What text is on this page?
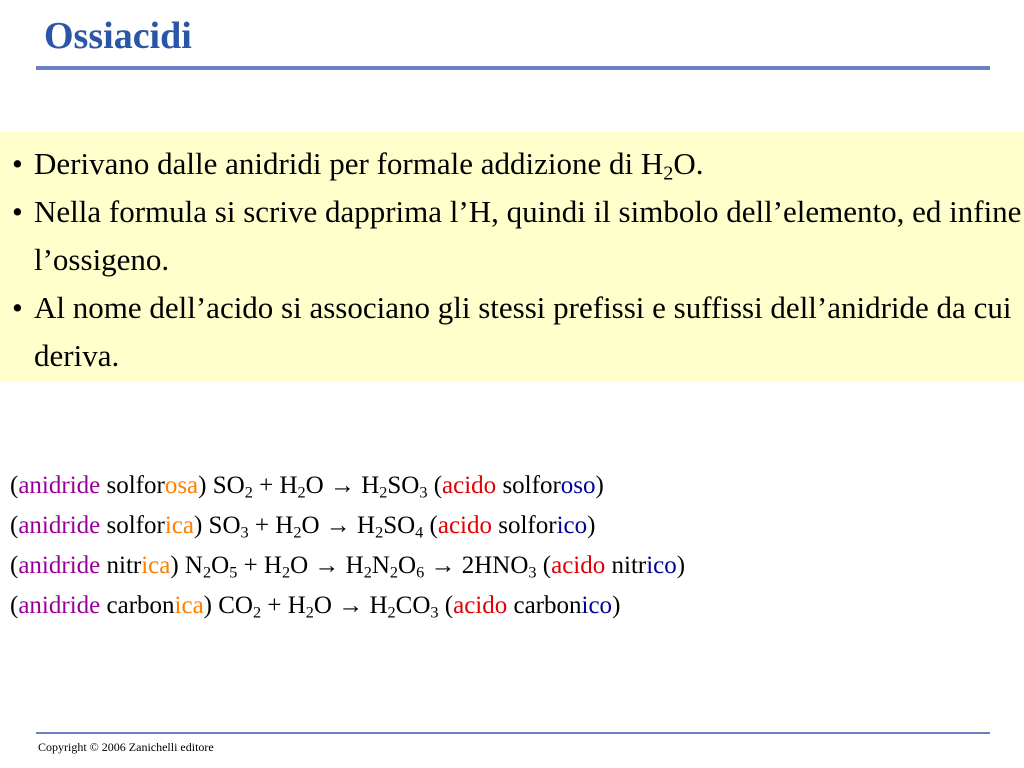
Ossiacidi
• Derivano dalle anidridi per formale addizione di $H_2O$.
• Nella formula si scrive dapprima l’H, quindi il simbolo dell’elemento, ed infine l’ossigeno.
• Al nome dell’acido si associano gli stessi prefissi e suffissi dell’anidride da cui deriva.
(anidride solforosa) $SO_2 + H_2O \to H_2SO_3$ (acido solforoso)
(anidride solforica) $SO_3 + H_2O \to H_2SO_4$ (acido solforico)
(anidride nitrica) $N_2O_5 + H_2O \to H_2N_2O_6 \to 2HNO_3$ (acido nitrico)
(anidride carbonica) $CO_2 + H_2O \to H_2CO_3$ (acido carbonico)
Copyright © 2006 Zanichelli editore
